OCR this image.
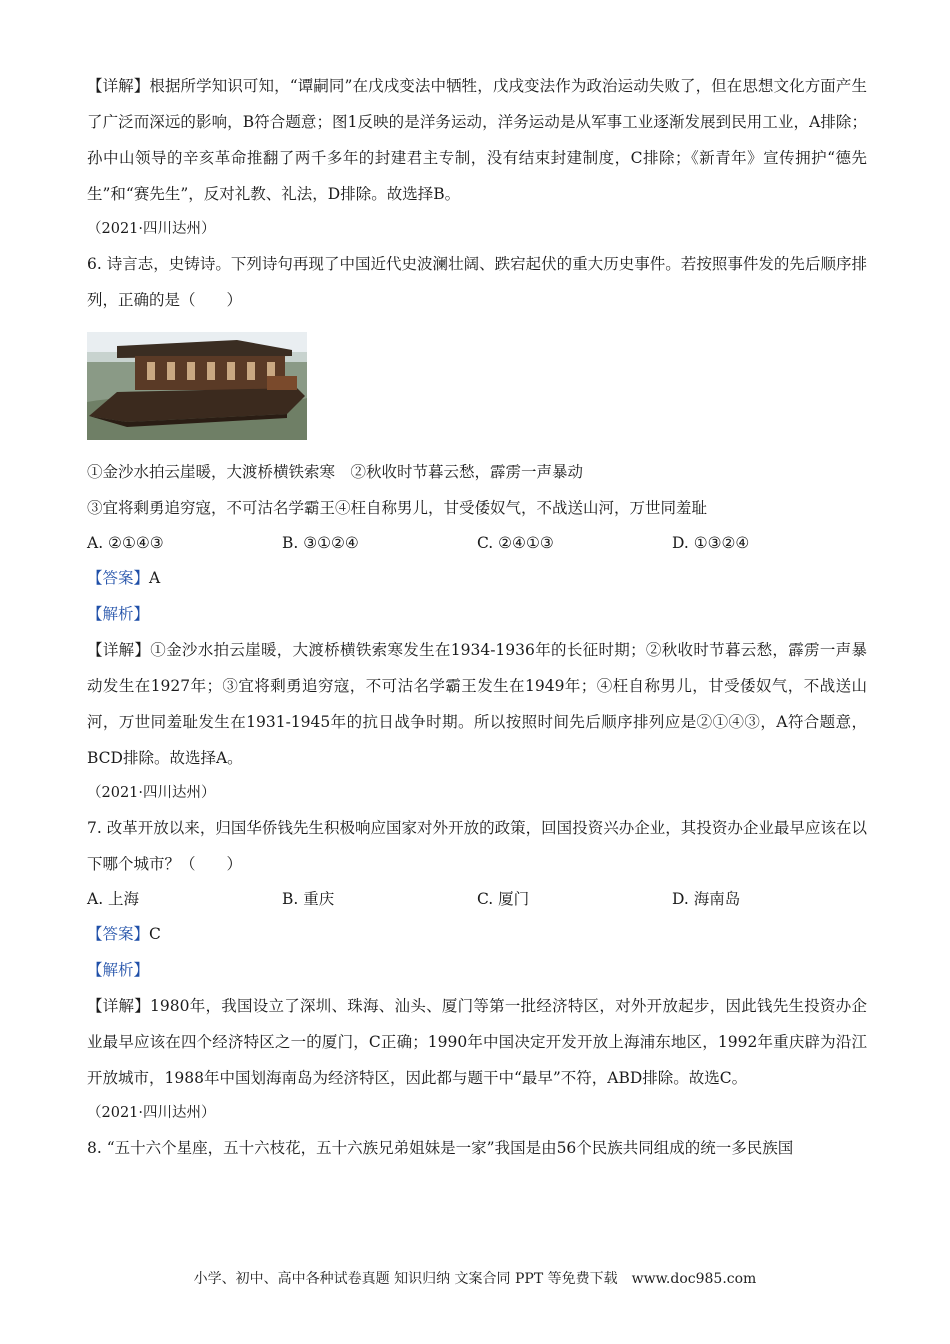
【详解】根据所学知识可知，“谭嗣同”在戊戌变法中牺牲，戊戌变法作为政治运动失败了，但在思想文化方面产生了广泛而深远的影响，B符合题意；图1反映的是洋务运动，洋务运动是从军事工业逐渐发展到民用工业，A排除；孙中山领导的辛亥革命推翻了两千多年的封建君主专制，没有结束封建制度，C排除；《新青年》宣传拥护“德先生”和“赛先生”，反对礼教、礼法，D排除。故选择B。
（2021·四川达州）
6. 诗言志，史铸诗。下列诗句再现了中国近代史波澜壮阔、跌宕起伏的重大历史事件。若按照事件发的先后顺序排列，正确的是（　　）
①金沙水拍云崖暖，大渡桥横铁索寒　②秋收时节暮云愁，霹雳一声暴动
③宜将剩勇追穷寇，不可沽名学霸王④枉自称男儿，甘受倭奴气，不战送山河，万世同羞耻
A. ②①④③	B. ③①②④	C. ②④①③	D. ①③②④
【答案】A
【解析】
【详解】①金沙水拍云崖暖，大渡桥横铁索寒发生在1934-1936年的长征时期；②秋收时节暮云愁，霹雳一声暴动发生在1927年；③宜将剩勇追穷寇，不可沽名学霸王发生在1949年；④枉自称男儿，甘受倭奴气，不战送山河，万世同羞耻发生在1931-1945年的抗日战争时期。所以按照时间先后顺序排列应是②①④③，A符合题意，BCD排除。故选择A。
（2021·四川达州）
7. 改革开放以来，归国华侨钱先生积极响应国家对外开放的政策，回国投资兴办企业，其投资办企业最早应该在以下哪个城市？（　　）
A. 上海	B. 重庆	C. 厦门	D. 海南岛
【答案】C
【解析】
【详解】1980年，我国设立了深圳、珠海、汕头、厦门等第一批经济特区，对外开放起步，因此钱先生投资办企业最早应该在四个经济特区之一的厦门，C正确；1990年中国决定开发开放上海浦东地区，1992年重庆辟为沿江开放城市，1988年中国划海南岛为经济特区，因此都与题干中“最早”不符，ABD排除。故选C。
（2021·四川达州）
8. “五十六个星座，五十六枝花，五十六族兄弟姐妹是一家”我国是由56个民族共同组成的统一多民族国
小学、初中、高中各种试卷真题 知识归纳 文案合同 PPT 等免费下载　www.doc985.com
